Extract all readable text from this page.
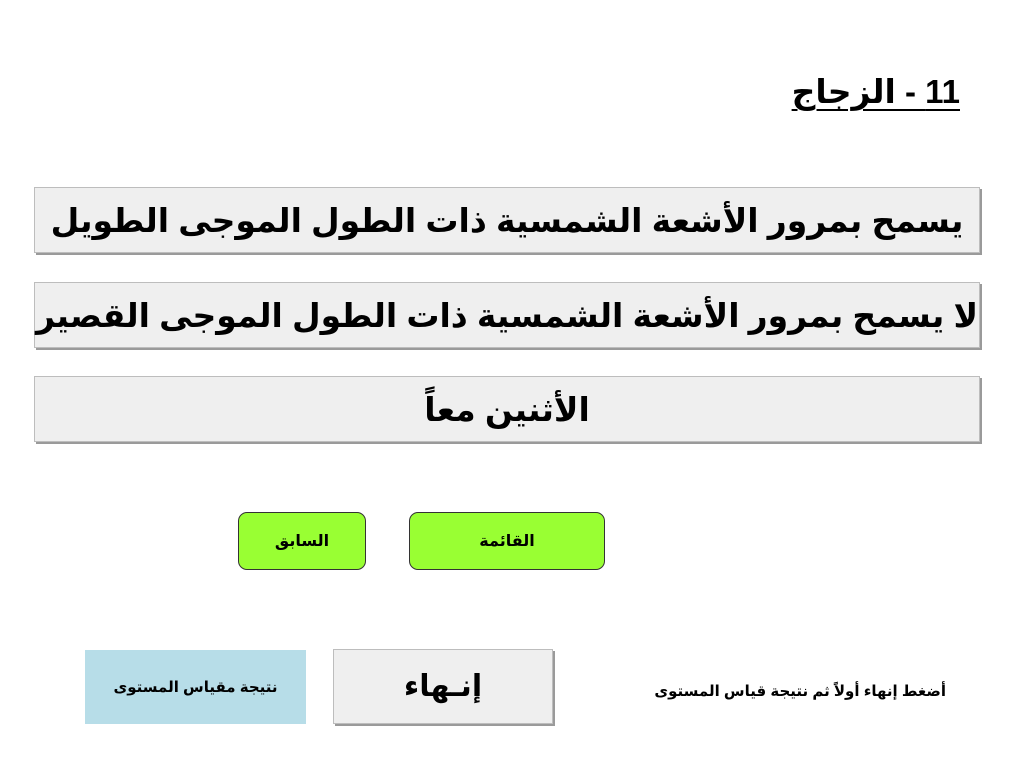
11 - الزجاج
يسمح بمرور الأشعة الشمسية ذات الطول الموجى الطويل
لا يسمح بمرور الأشعة الشمسية ذات الطول الموجى القصير
الأثنين معاً
السابق	القائمة
نتيجة مقياس المستوى	إنـهاء	أضغط إنهاء أولاً ثم نتيجة قياس المستوى
